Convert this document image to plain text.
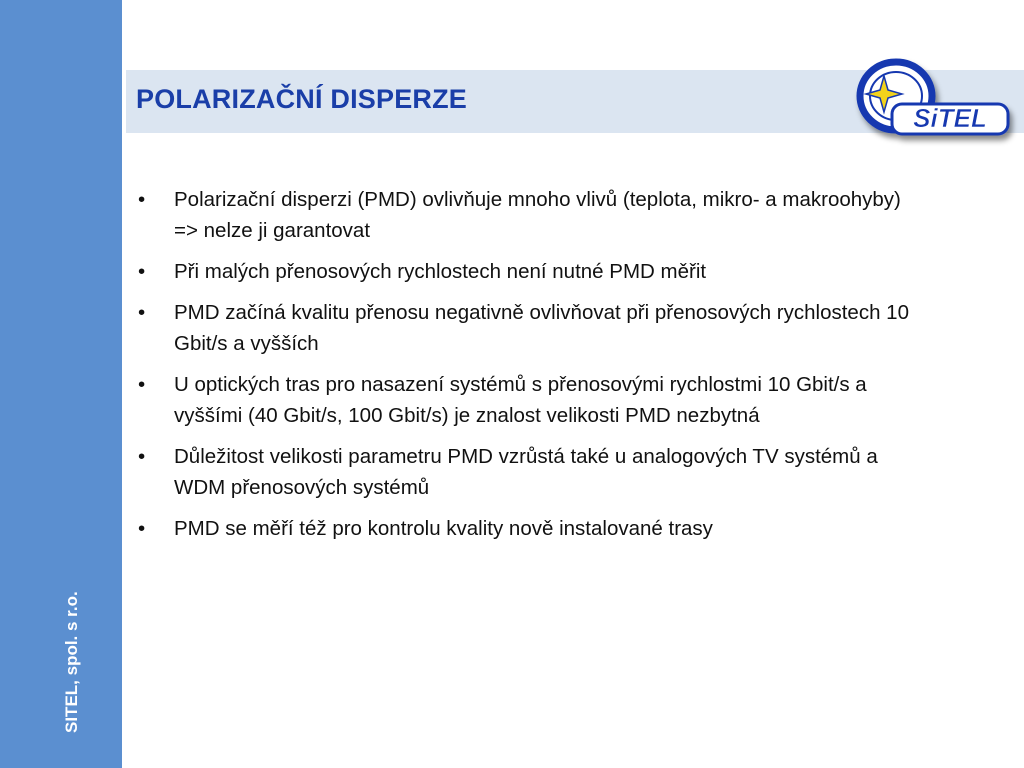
SITEL, spol. s r.o.
POLARIZAČNÍ DISPERZE
SiTEL
• Polarizační disperzi (PMD) ovlivňuje mnoho vlivů (teplota, mikro- a makroohyby) => nelze ji garantovat
• Při malých přenosových rychlostech není nutné PMD měřit
• PMD začíná kvalitu přenosu negativně ovlivňovat při přenosových rychlostech 10 Gbit/s a vyšších
• U optických tras pro nasazení systémů s přenosovými rychlostmi 10 Gbit/s a vyššími (40 Gbit/s, 100 Gbit/s) je znalost velikosti PMD nezbytná
• Důležitost velikosti parametru PMD vzrůstá také u analogových TV systémů a WDM přenosových systémů
• PMD se měří též pro kontrolu kvality nově instalované trasy
